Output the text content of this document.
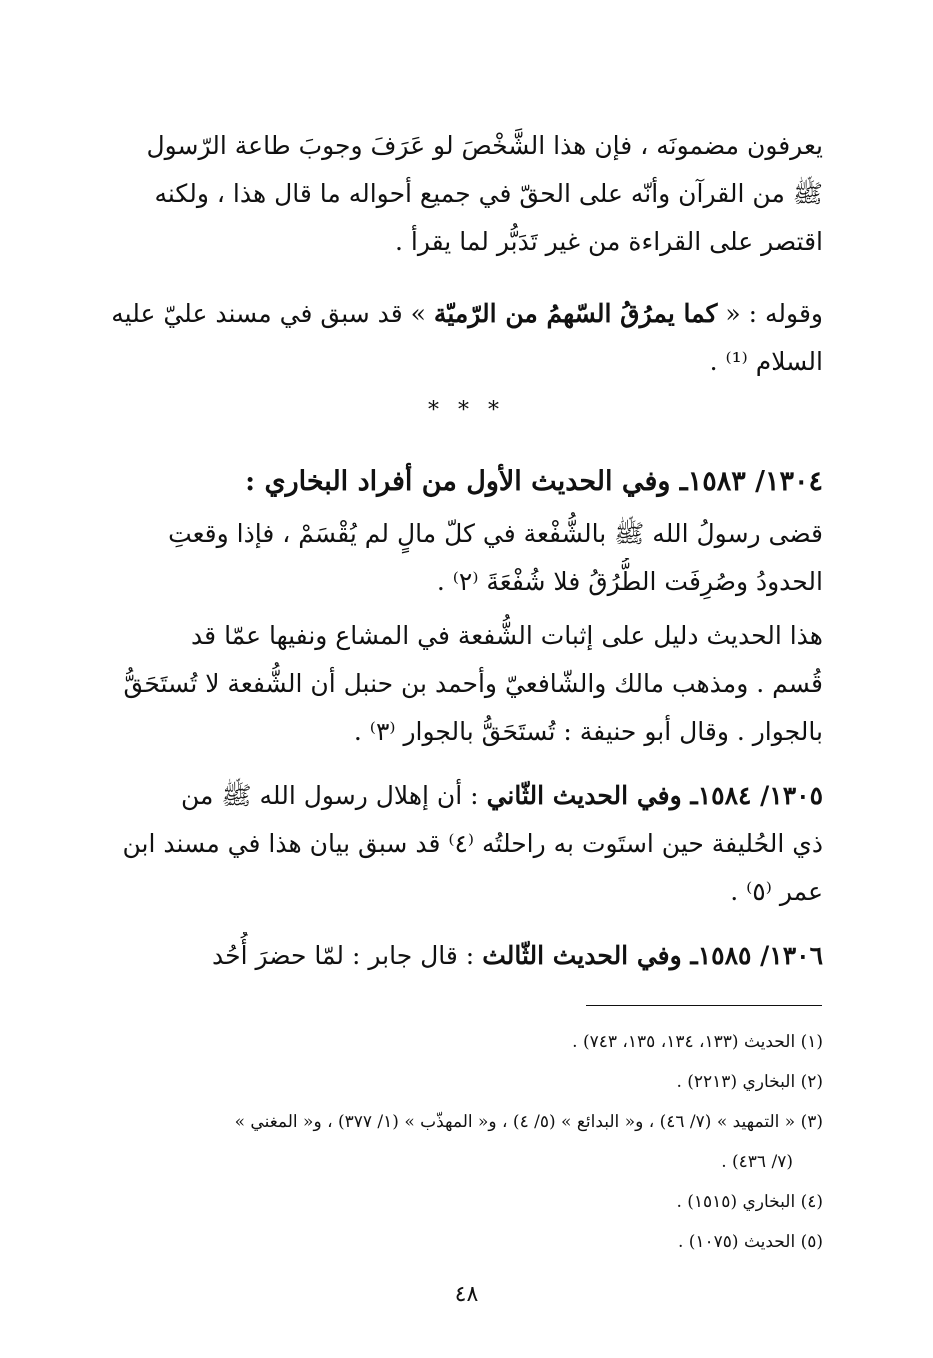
يعرفون مضمونَه ، فإن هذا الشَّخْصَ لو عَرَفَ وجوبَ طاعة الرّسول
ﷺ من القرآن وأنّه على الحقّ في جميع أحواله ما قال هذا ، ولكنه
اقتصر على القراءة من غير تَدَبُّر لما يقرأ .

وقوله : « كما يمرُقُ السّهمُ من الرّميّة » قد سبق في مسند عليّ عليه
السلام ⁽¹⁾ .

* * *

١٣٠٤/ ١٥٨٣ـ وفي الحديث الأول من أفراد البخاري :

قضى رسولُ الله ﷺ بالشُّفْعة في كلّ مالٍ لم يُقْسَمْ ، فإذا وقعتِ
الحدودُ وصُرِفَت الطُّرُقُ فلا شُفْعَةَ ⁽٢⁾ .

هذا الحديث دليل على إثبات الشُّفعة في المشاع ونفيها عمّا قد
قُسم . ومذهب مالك والشّافعيّ وأحمد بن حنبل أن الشُّفعة لا تُستَحَقُّ
بالجوار . وقال أبو حنيفة : تُستَحَقُّ بالجوار ⁽٣⁾ .

١٣٠٥/ ١٥٨٤ـ وفي الحديث الثّاني : أن إهلال رسول الله ﷺ من
ذي الحُليفة حين استَوت به راحلتُه ⁽٤⁾ قد سبق بيان هذا في مسند ابن
عمر ⁽٥⁾ .

١٣٠٦/ ١٥٨٥ـ وفي الحديث الثّالث : قال جابر : لمّا حضرَ أُحُد

(١) الحديث (١٣٣، ١٣٤، ١٣٥، ٧٤٣) .

(٢) البخاري (٢٢١٣) .

(٣) « التمهيد » (٧/ ٤٦) ، و« البدائع » (٥/ ٤) ، و« المهذّب » (١/ ٣٧٧) ، و« المغني »

(٧/ ٤٣٦) .

(٤) البخاري (١٥١٥) .

(٥) الحديث (١٠٧٥) .

٤٨
